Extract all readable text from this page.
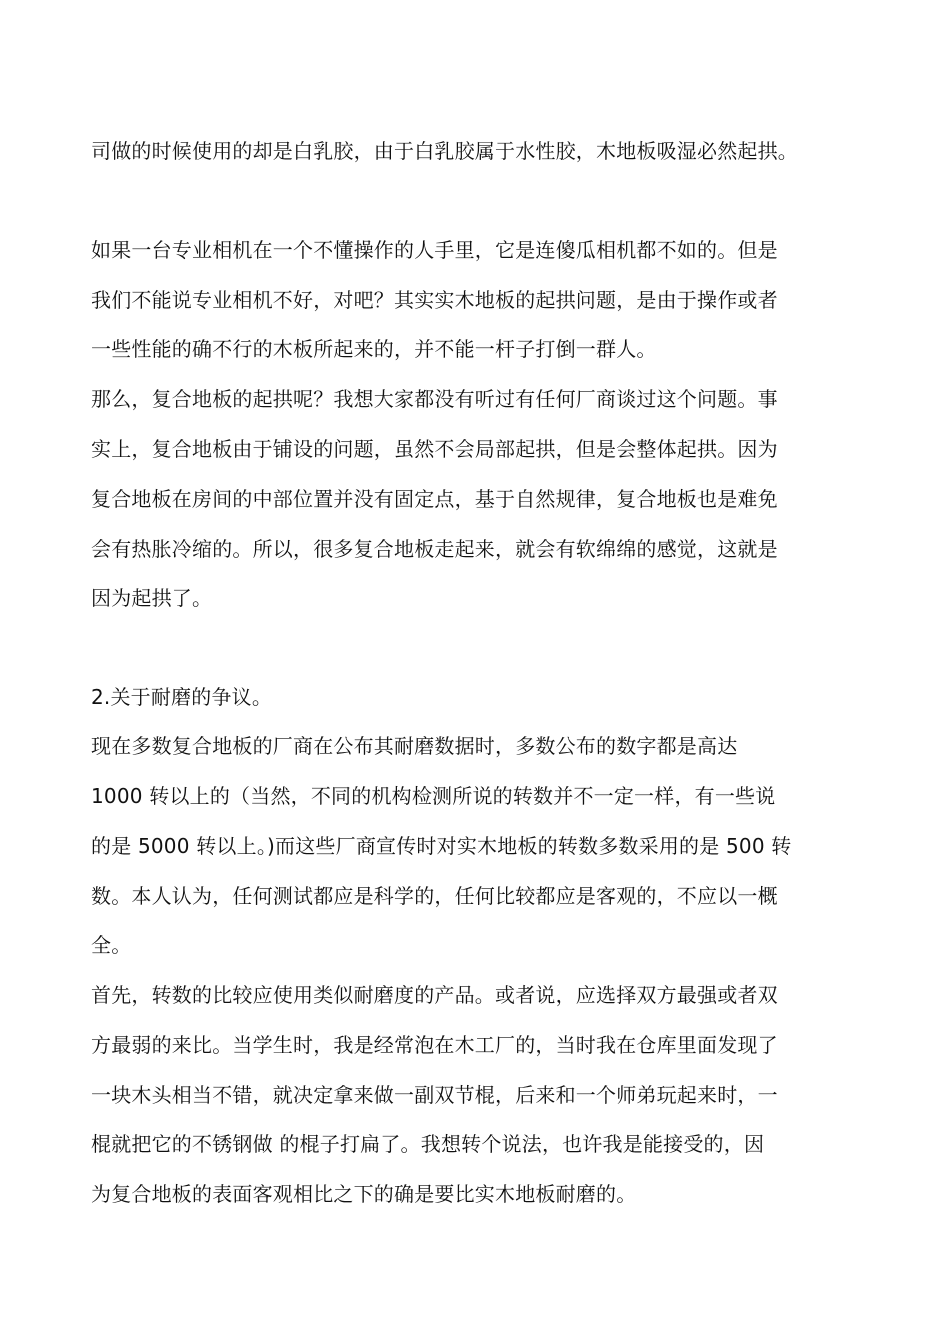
司做的时候使用的却是白乳胶，由于白乳胶属于水性胶，木地板吸湿必然起拱。
如果一台专业相机在一个不懂操作的人手里，它是连傻瓜相机都不如的。但是
我们不能说专业相机不好，对吧？其实实木地板的起拱问题，是由于操作或者
一些性能的确不行的木板所起来的，并不能一杆子打倒一群人。
那么，复合地板的起拱呢？我想大家都没有听过有任何厂商谈过这个问题。事
实上，复合地板由于铺设的问题，虽然不会局部起拱，但是会整体起拱。因为
复合地板在房间的中部位置并没有固定点，基于自然规律，复合地板也是难免
会有热胀冷缩的。所以，很多复合地板走起来，就会有软绵绵的感觉，这就是
因为起拱了。
2.关于耐磨的争议。
现在多数复合地板的厂商在公布其耐磨数据时，多数公布的数字都是高达
1000 转以上的（当然，不同的机构检测所说的转数并不一定一样，有一些说
的是 5000 转以上。)而这些厂商宣传时对实木地板的转数多数采用的是 500 转
数。本人认为，任何测试都应是科学的，任何比较都应是客观的，不应以一概
全。
首先，转数的比较应使用类似耐磨度的产品。或者说，应选择双方最强或者双
方最弱的来比。当学生时，我是经常泡在木工厂的，当时我在仓库里面发现了
一块木头相当不错，就决定拿来做一副双节棍，后来和一个师弟玩起来时，一
棍就把它的不锈钢做 的棍子打扁了。我想转个说法，也许我是能接受的，因
为复合地板的表面客观相比之下的确是要比实木地板耐磨的。
